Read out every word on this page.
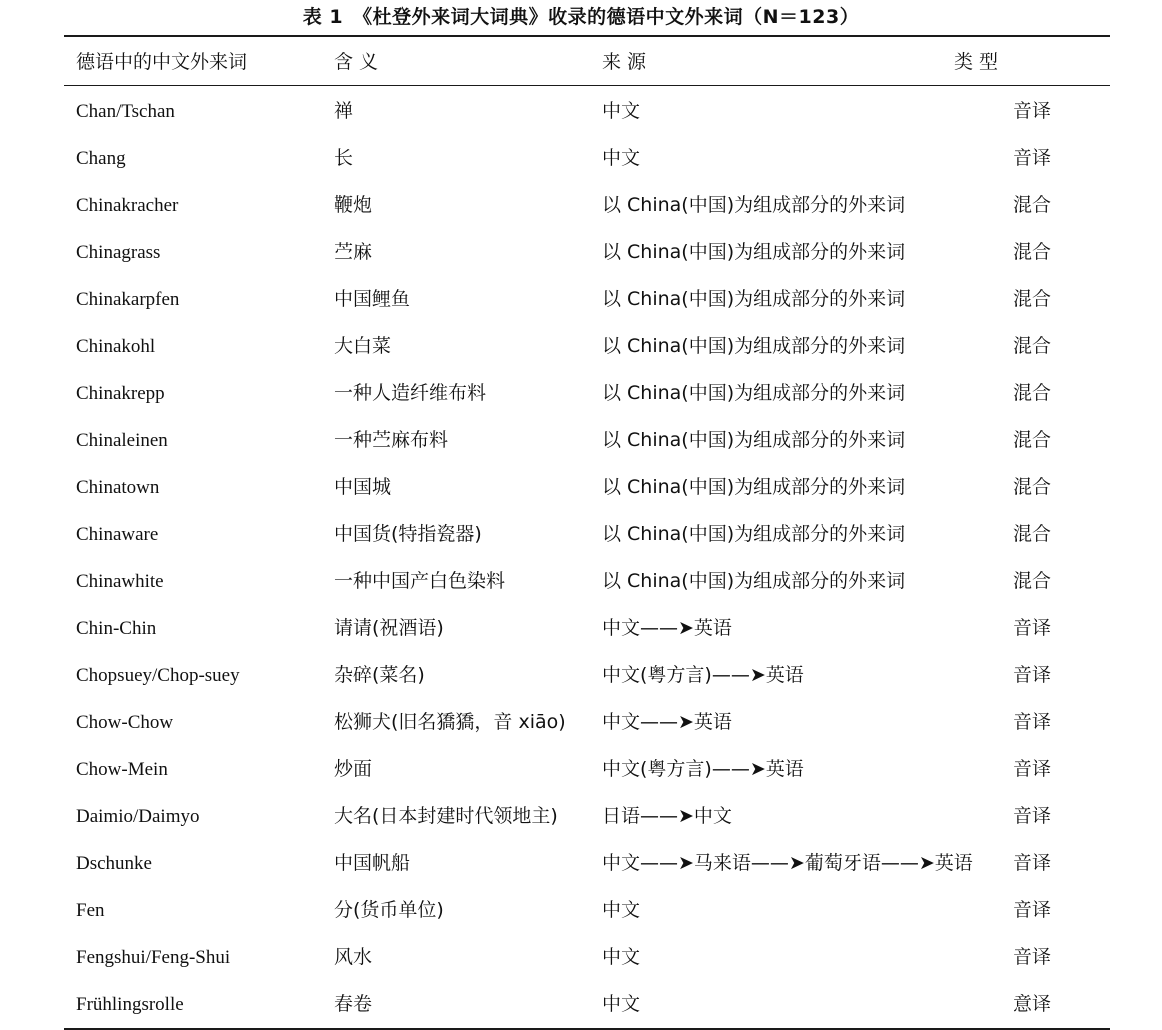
表 1 《杜登外来词大词典》收录的德语中文外来词（N＝123）
德语中的中文外来词	含 义	来 源	类 型
Chan/Tschan	禅	中文	音译
Chang	长	中文	音译
Chinakracher	鞭炮	以 China(中国)为组成部分的外来词	混合
Chinagrass	苎麻	以 China(中国)为组成部分的外来词	混合
Chinakarpfen	中国鲤鱼	以 China(中国)为组成部分的外来词	混合
Chinakohl	大白菜	以 China(中国)为组成部分的外来词	混合
Chinakrepp	一种人造纤维布料	以 China(中国)为组成部分的外来词	混合
Chinaleinen	一种苎麻布料	以 China(中国)为组成部分的外来词	混合
Chinatown	中国城	以 China(中国)为组成部分的外来词	混合
Chinaware	中国货(特指瓷器)	以 China(中国)为组成部分的外来词	混合
Chinawhite	一种中国产白色染料	以 China(中国)为组成部分的外来词	混合
Chin-Chin	请请(祝酒语)	中文——➤英语	音译
Chopsuey/Chop-suey	杂碎(菜名)	中文(粤方言)——➤英语	音译
Chow-Chow	松狮犬(旧名獢獢，音 xiāo)	中文——➤英语	音译
Chow-Mein	炒面	中文(粤方言)——➤英语	音译
Daimio/Daimyo	大名(日本封建时代领地主)	日语——➤中文	音译
Dschunke	中国帆船	中文——➤马来语——➤葡萄牙语——➤英语	音译
Fen	分(货币单位)	中文	音译
Fengshui/Feng-Shui	风水	中文	音译
Frühlingsrolle	春卷	中文	意译
